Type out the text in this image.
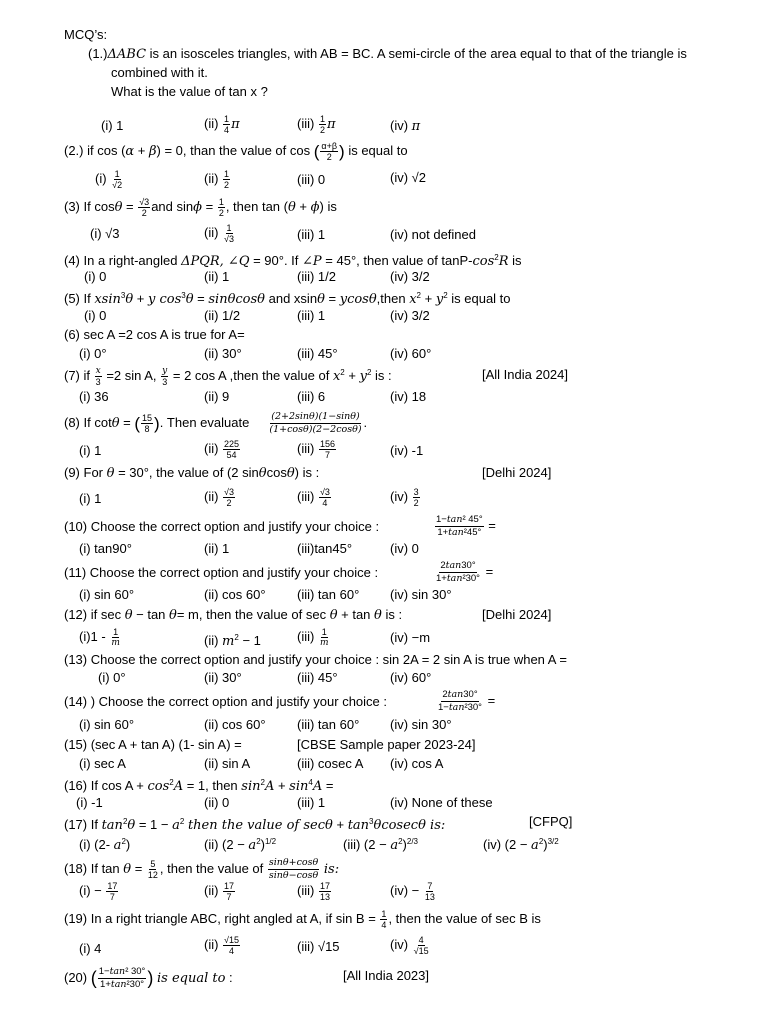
MCQ’s:
(1.)ΔABC is an isosceles triangles, with AB = BC. A semi-circle of the area equal to that of the triangle is
combined with it.
What is the value of tan x ?
(i) 1	$(ii) \frac{1}{4}$ π	$(iii) \frac{1}{2}$ π	(iv) π
(2.) if cos (α + β) = 0, than the value of cos ( $\frac{\alpha+\beta}{2}$ ) is equal to
$(i) \frac{1}{√2}$	$(ii) \frac{1}{2}$	(iii) 0	(iv) √2
(3) If $\cos\theta = \frac{√3}{2}$ and $\sin\phi = \frac{1}{2}$ , then tan (θ + ϕ) is
(i) √3	$(ii) \frac{1}{√3}$	(iii) 1	(iv) not defined
(4) In a right-angled ΔPQR, ∠Q = 90°. If ∠P = 45°, then value of tanP-$\cos^2R$ is
(i) 0	(ii) 1	(iii) 1/2	(iv) 3/2
(5) If xsin$^3$θ + y $\cos^3\theta = \sin\theta\cos\theta$ and xsinθ = ycosθ,then $x^2 + y^2$ is equal to
(i) 0	(ii) 1/2	(iii) 1	(iv) 3/2
(6) sec A =2 cos A is true for A=
(i) 0°	(ii) 30°	(iii) 45°	(iv) 60°
(7) if $\frac{x}{3} =2$ sin A, $\frac{y}{3} = 2$ cos A ,then the value of $x^2 + y^2$ is :	[All India 2024]
(i) 36	(ii) 9	(iii) 6	(iv) 18
(8) If cotθ = ( $\frac{15}{8}$ ). Then evaluate $\frac{(2+2\sin\theta)(1-\sin\theta)}{(1+\cos\theta)(2-2\cos\theta)}$ .
(i) 1	$(ii) \frac{225}{54}$	$(iii) \frac{156}{7}$	(iv) -1
(9) For θ = 30°, the value of (2 sinθcosθ) is :	[Delhi 2024]
(i) 1	$(ii) \frac{√3}{2}$	$(iii) \frac{√3}{4}$	$(iv) \frac{3}{2}$
(10) Choose the correct option and justify your choice :	$\frac{\text{1−tan² 45°}}{\text{1+tan²45°}}$ =
(i) tan90°	(ii) 1	(iii)tan45°	(iv) 0
(11) Choose the correct option and justify your choice :	$\frac{2\tan 30^\circ}{\text{1+tan²30°}}$ =
(i) sin 60°	(ii) cos 60° (iii) tan 60° (iv) sin 30°
(12) if sec θ − tan θ= m, then the value of sec θ + tan θ is :	[Delhi 2024]
$(i)1 - \frac{1}{m}$	(ii) $m^2 - 1$	$(iii) \frac{1}{m}$	(iv) −m
(13) Choose the correct option and justify your choice : sin 2A = 2 sin A is true when A =
(i) 0°	(ii) 30°	(iii) 45°	(iv) 60°
(14) ) Choose the correct option and justify your choice :	$\frac{2\tan 30^\circ}{\text{1−tan²30°}}$ =
(i) sin 60°	(ii) cos 60° (iii) tan 60° (iv) sin 30°
(15) (sec A + tan A) (1- sin A) =	[CBSE Sample paper 2023-24]
(i) sec A	(ii) sin A	(iii) cosec A (iv) cos A
(16) If $\cos A + \cos^2A = 1$, then $\sin^2A + \sin^4A$ =
(i) -1	(ii) 0	(iii) 1	(iv) None of these
(17) If $\tan^2\theta = 1 - a^2$ then the value of $\sec\theta + \tan^3\theta cosec\theta$ is:	[CFPQ]
(i) (2- $a^2$)	(ii) $(2 - a^2)^{1/2}$	(iii) $(2 - a^2)^{2/3}$	(iv) $(2 - a^2)^{3/2}$
(18) If $\tan \theta = \frac{5}{12}$ , then the value of $\frac{\sin\theta+\cos\theta}{\sin\theta-\cos\theta}$ is:
$(i) - \frac{17}{7}$	$(ii) \frac{17}{7}$	$(iii) \frac{17}{13}$	$(iv) - \frac{7}{13}$
(19) In a right triangle ABC, right angled at A, if $\sin B = \frac{1}{4}$ , then the value of sec B is
(i) 4	$(ii) \frac{√15}{4}$	(iii) √15	$(iv) \frac{4}{√15}$
(20) ( $\frac{\text{1−tan² 30°}}{\text{1+tan²30°}}$ ) is equal to :	[All India 2023]
